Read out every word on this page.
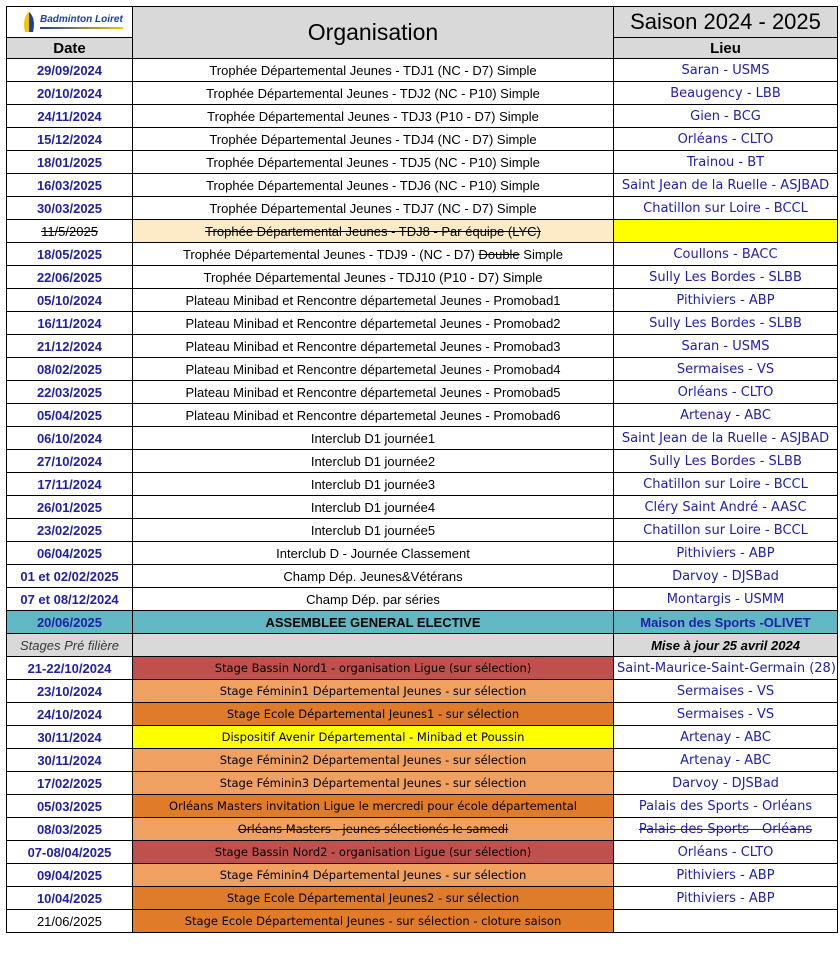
Badminton Loiret	Organisation	Saison 2024 - 2025
Date		Lieu
29/09/2024	Trophée Départemental Jeunes - TDJ1 (NC - D7) Simple	Saran - USMS
20/10/2024	Trophée Départemental Jeunes - TDJ2 (NC - P10) Simple	Beaugency - LBB
24/11/2024	Trophée Départemental Jeunes - TDJ3 (P10 - D7) Simple	Gien - BCG
15/12/2024	Trophée Départemental Jeunes - TDJ4 (NC - D7) Simple	Orléans - CLTO
18/01/2025	Trophée Départemental Jeunes - TDJ5 (NC - P10) Simple	Trainou - BT
16/03/2025	Trophée Départemental Jeunes - TDJ6 (NC - P10) Simple	Saint Jean de la Ruelle - ASJBAD
30/03/2025	Trophée Départemental Jeunes - TDJ7 (NC - D7) Simple	Chatillon sur Loire - BCCL
11/5/2025	Trophée Départemental Jeunes - TDJ8 - Par équipe (LYC)	
18/05/2025	Trophée Départemental Jeunes - TDJ9 - (NC - D7) Double Simple	Coullons - BACC
22/06/2025	Trophée Départemental Jeunes - TDJ10 (P10 - D7) Simple	Sully Les Bordes - SLBB
05/10/2024	Plateau Minibad et Rencontre départemetal Jeunes - Promobad1	Pithiviers - ABP
16/11/2024	Plateau Minibad et Rencontre départemetal Jeunes - Promobad2	Sully Les Bordes - SLBB
21/12/2024	Plateau Minibad et Rencontre départemetal Jeunes - Promobad3	Saran - USMS
08/02/2025	Plateau Minibad et Rencontre départemetal Jeunes - Promobad4	Sermaises - VS
22/03/2025	Plateau Minibad et Rencontre départemetal Jeunes - Promobad5	Orléans - CLTO
05/04/2025	Plateau Minibad et Rencontre départemetal Jeunes - Promobad6	Artenay - ABC
06/10/2024	Interclub D1 journée1	Saint Jean de la Ruelle - ASJBAD
27/10/2024	Interclub D1 journée2	Sully Les Bordes - SLBB
17/11/2024	Interclub D1 journée3	Chatillon sur Loire - BCCL
26/01/2025	Interclub D1 journée4	Cléry Saint André - AASC
23/02/2025	Interclub D1 journée5	Chatillon sur Loire - BCCL
06/04/2025	Interclub D - Journée Classement	Pithiviers - ABP
01 et 02/02/2025	Champ Dép. Jeunes&Vétérans	Darvoy - DJSBad
07 et 08/12/2024	Champ Dép. par séries	Montargis - USMM
20/06/2025	ASSEMBLEE GENERAL ELECTIVE	Maison des Sports -OLIVET
Stages Pré filière		Mise à jour 25 avril 2024
21-22/10/2024	Stage Bassin Nord1 - organisation Ligue (sur sélection)	Saint-Maurice-Saint-Germain (28)
23/10/2024	Stage Féminin1 Départemental Jeunes - sur sélection	Sermaises - VS
24/10/2024	Stage Ecole Départemental Jeunes1 - sur sélection	Sermaises - VS
30/11/2024	Dispositif Avenir Départemental - Minibad et Poussin	Artenay - ABC
30/11/2024	Stage Féminin2 Départemental Jeunes - sur sélection	Artenay - ABC
17/02/2025	Stage Féminin3 Départemental Jeunes - sur sélection	Darvoy - DJSBad
05/03/2025	Orléans Masters invitation Ligue le mercredi pour école départemental	Palais des Sports - Orléans
08/03/2025	Orléans Masters - jeunes sélectionés le samedi	Palais des Sports - Orléans
07-08/04/2025	Stage Bassin Nord2 - organisation Ligue (sur sélection)	Orléans - CLTO
09/04/2025	Stage Féminin4 Départemental Jeunes - sur sélection	Pithiviers - ABP
10/04/2025	Stage Ecole Départemental Jeunes2 - sur sélection	Pithiviers - ABP
21/06/2025	Stage Ecole Départemental Jeunes - sur sélection - cloture saison	
